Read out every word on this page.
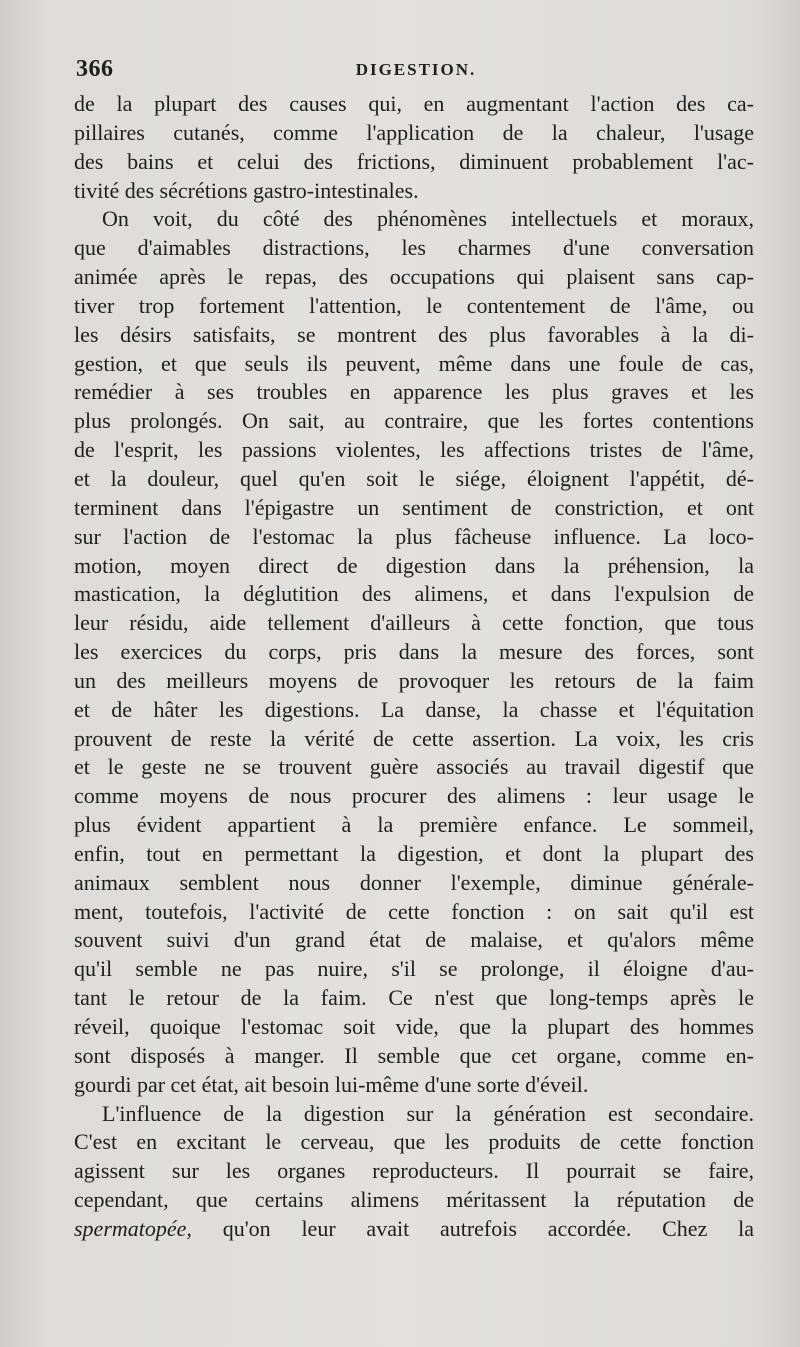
366	DIGESTION.
de la plupart des causes qui, en augmentant l'action des ca-
pillaires cutanés, comme l'application de la chaleur, l'usage
des bains et celui des frictions, diminuent probablement l'ac-
tivité des sécrétions gastro-intestinales.
On voit, du côté des phénomènes intellectuels et moraux,
que d'aimables distractions, les charmes d'une conversation
animée après le repas, des occupations qui plaisent sans cap-
tiver trop fortement l'attention, le contentement de l'âme, ou
les désirs satisfaits, se montrent des plus favorables à la di-
gestion, et que seuls ils peuvent, même dans une foule de cas,
remédier à ses troubles en apparence les plus graves et les
plus prolongés. On sait, au contraire, que les fortes contentions
de l'esprit, les passions violentes, les affections tristes de l'âme,
et la douleur, quel qu'en soit le siége, éloignent l'appétit, dé-
terminent dans l'épigastre un sentiment de constriction, et ont
sur l'action de l'estomac la plus fâcheuse influence. La loco-
motion, moyen direct de digestion dans la préhension, la
mastication, la déglutition des alimens, et dans l'expulsion de
leur résidu, aide tellement d'ailleurs à cette fonction, que tous
les exercices du corps, pris dans la mesure des forces, sont
un des meilleurs moyens de provoquer les retours de la faim
et de hâter les digestions. La danse, la chasse et l'équitation
prouvent de reste la vérité de cette assertion. La voix, les cris
et le geste ne se trouvent guère associés au travail digestif que
comme moyens de nous procurer des alimens : leur usage le
plus évident appartient à la première enfance. Le sommeil,
enfin, tout en permettant la digestion, et dont la plupart des
animaux semblent nous donner l'exemple, diminue générale-
ment, toutefois, l'activité de cette fonction : on sait qu'il est
souvent suivi d'un grand état de malaise, et qu'alors même
qu'il semble ne pas nuire, s'il se prolonge, il éloigne d'au-
tant le retour de la faim. Ce n'est que long-temps après le
réveil, quoique l'estomac soit vide, que la plupart des hommes
sont disposés à manger. Il semble que cet organe, comme en-
gourdi par cet état, ait besoin lui-même d'une sorte d'éveil.
L'influence de la digestion sur la génération est secondaire.
C'est en excitant le cerveau, que les produits de cette fonction
agissent sur les organes reproducteurs. Il pourrait se faire,
cependant, que certains alimens méritassent la réputation de
spermatopée, qu'on leur avait autrefois accordée. Chez la
